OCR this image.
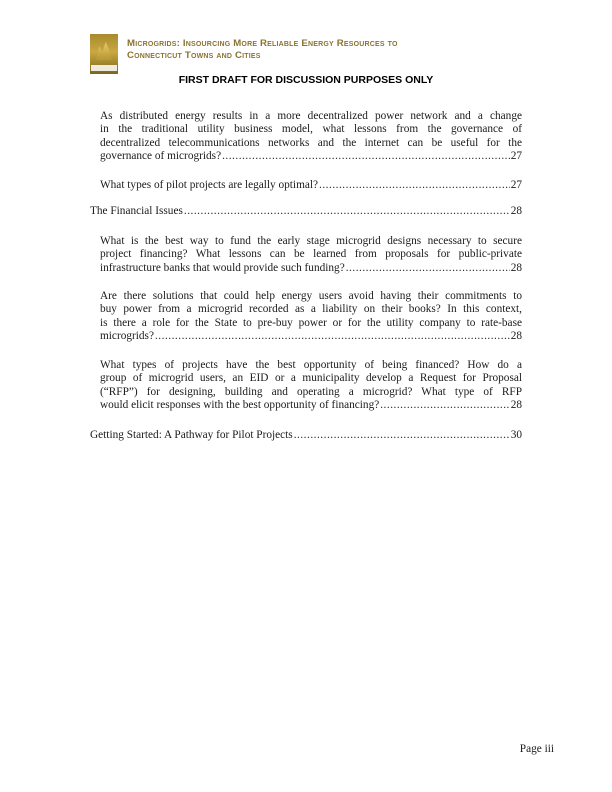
Microgrids: Insourcing More Reliable Energy Resources to
Connecticut Towns and Cities
FIRST DRAFT FOR DISCUSSION PURPOSES ONLY
As distributed energy results in a more decentralized power network and a change
in the traditional utility business model, what lessons from the governance of
decentralized telecommunications networks and the internet can be useful for the
governance of microgrids? .....	27
What types of pilot projects are legally optimal? .....	27
The Financial Issues .....	28
What is the best way to fund the early stage microgrid designs necessary to secure
project financing? What lessons can be learned from proposals for public-private
infrastructure banks that would provide such funding? .....	28
Are there solutions that could help energy users avoid having their commitments to
buy power from a microgrid recorded as a liability on their books? In this context,
is there a role for the State to pre-buy power or for the utility company to rate-base
microgrids? .....	28
What types of projects have the best opportunity of being financed? How do a
group of microgrid users, an EID or a municipality develop a Request for Proposal
(“RFP”) for designing, building and operating a microgrid? What type of RFP
would elicit responses with the best opportunity of financing? .....	28
Getting Started: A Pathway for Pilot Projects .....	30
Page iii
